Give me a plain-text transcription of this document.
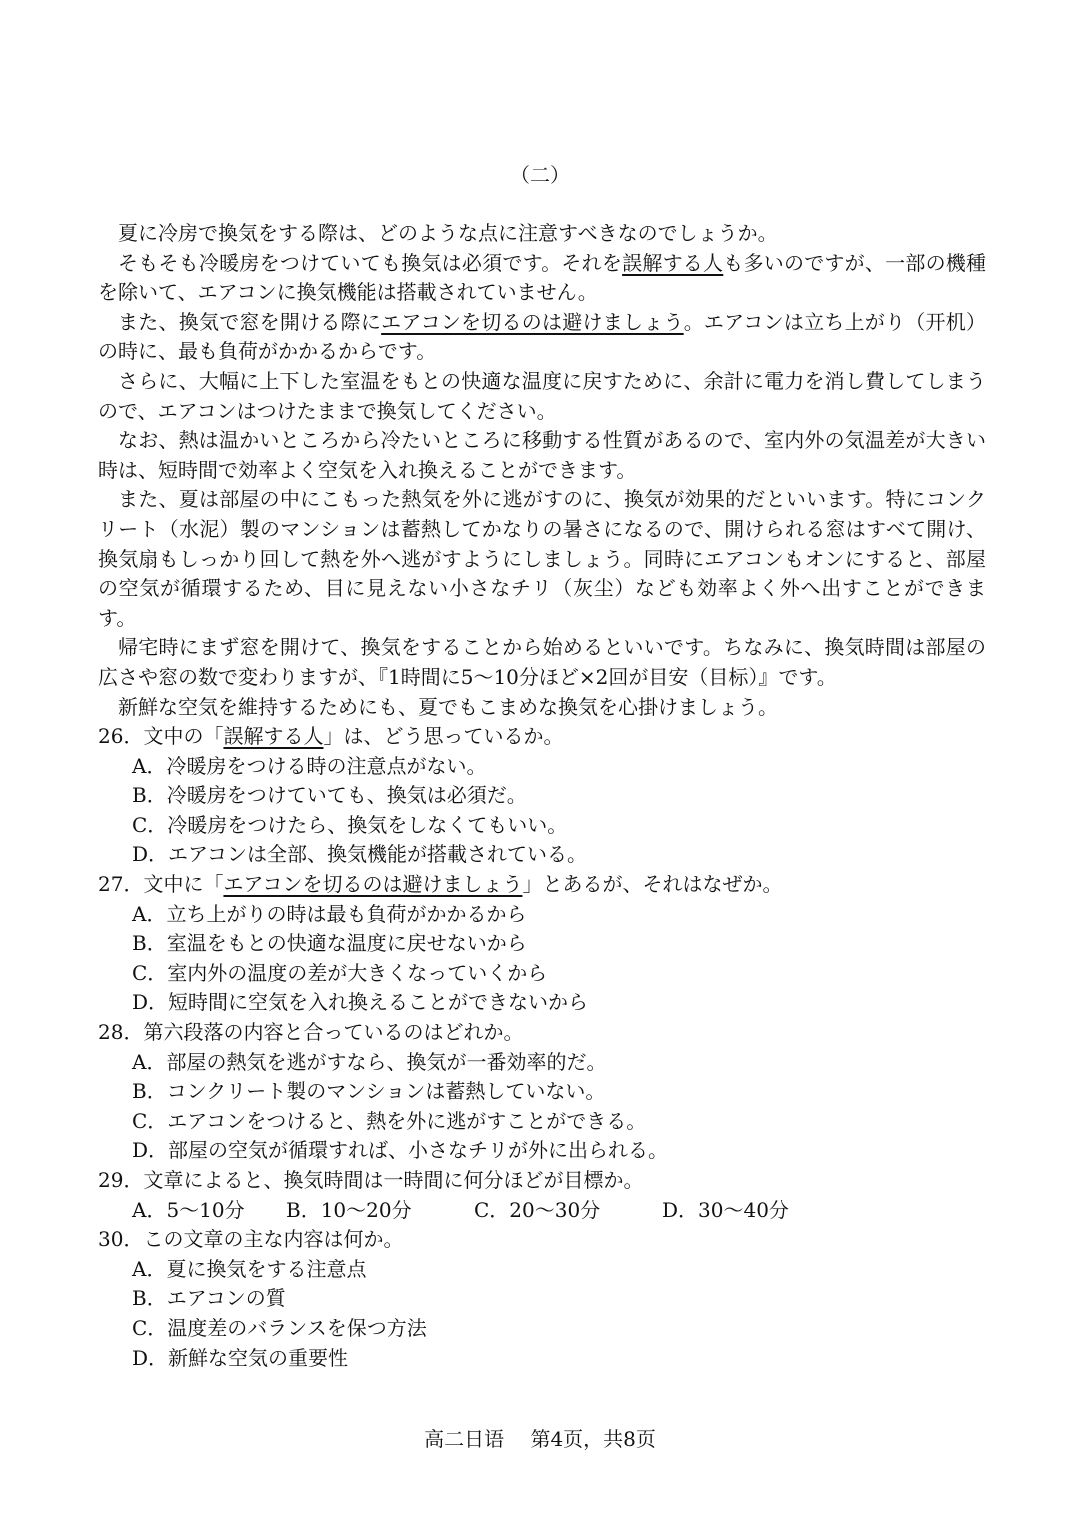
（二）

夏に冷房で換気をする際は、どのような点に注意すべきなのでしょうか。

そもそも冷暖房をつけていても換気は必須です。それを誤解する人も多いのですが、一部の機種を除いて、エアコンに換気機能は搭載されていません。

また、換気で窓を開ける際にエアコンを切るのは避けましょう。エアコンは立ち上がり（开机）の時に、最も負荷がかかるからです。

さらに、大幅に上下した室温をもとの快適な温度に戻すために、余計に電力を消し費してしまうので、エアコンはつけたままで換気してください。

なお、熱は温かいところから冷たいところに移動する性質があるので、室内外の気温差が大きい時は、短時間で効率よく空気を入れ換えることができます。

また、夏は部屋の中にこもった熱気を外に逃がすのに、換気が効果的だといいます。特にコンクリート（水泥）製のマンションは蓄熱してかなりの暑さになるので、開けられる窓はすべて開け、換気扇もしっかり回して熱を外へ逃がすようにしましょう。同時にエアコンもオンにすると、部屋の空気が循環するため、目に見えない小さなチリ（灰尘）なども効率よく外へ出すことができます。

帰宅時にまず窓を開けて、換気をすることから始めるといいです。ちなみに、換気時間は部屋の広さや窓の数で変わりますが、『1時間に5〜10分ほど×2回が目安（目标）』です。

新鮮な空気を維持するためにも、夏でもこまめな換気を心掛けましょう。

26．文中の「誤解する人」は、どう思っているか。

A．冷暖房をつける時の注意点がない。

B．冷暖房をつけていても、換気は必須だ。

C．冷暖房をつけたら、換気をしなくてもいい。

D．エアコンは全部、換気機能が搭載されている。

27．文中に「エアコンを切るのは避けましょう」とあるが、それはなぜか。

A．立ち上がりの時は最も負荷がかかるから

B．室温をもとの快適な温度に戻せないから

C．室内外の温度の差が大きくなっていくから

D．短時間に空気を入れ換えることができないから

28．第六段落の内容と合っているのはどれか。

A．部屋の熱気を逃がすなら、換気が一番効率的だ。

B．コンクリート製のマンションは蓄熱していない。

C．エアコンをつけると、熱を外に逃がすことができる。

D．部屋の空気が循環すれば、小さなチリが外に出られる。

29．文章によると、換気時間は一時間に何分ほどが目標か。

A．5〜10分 B．10〜20分	C．20〜30分	D．30〜40分

30．この文章の主な内容は何か。

A．夏に換気をする注意点

B．エアコンの質

C．温度差のバランスを保つ方法

D．新鮮な空気の重要性

高二日语　 第4页，共8页
